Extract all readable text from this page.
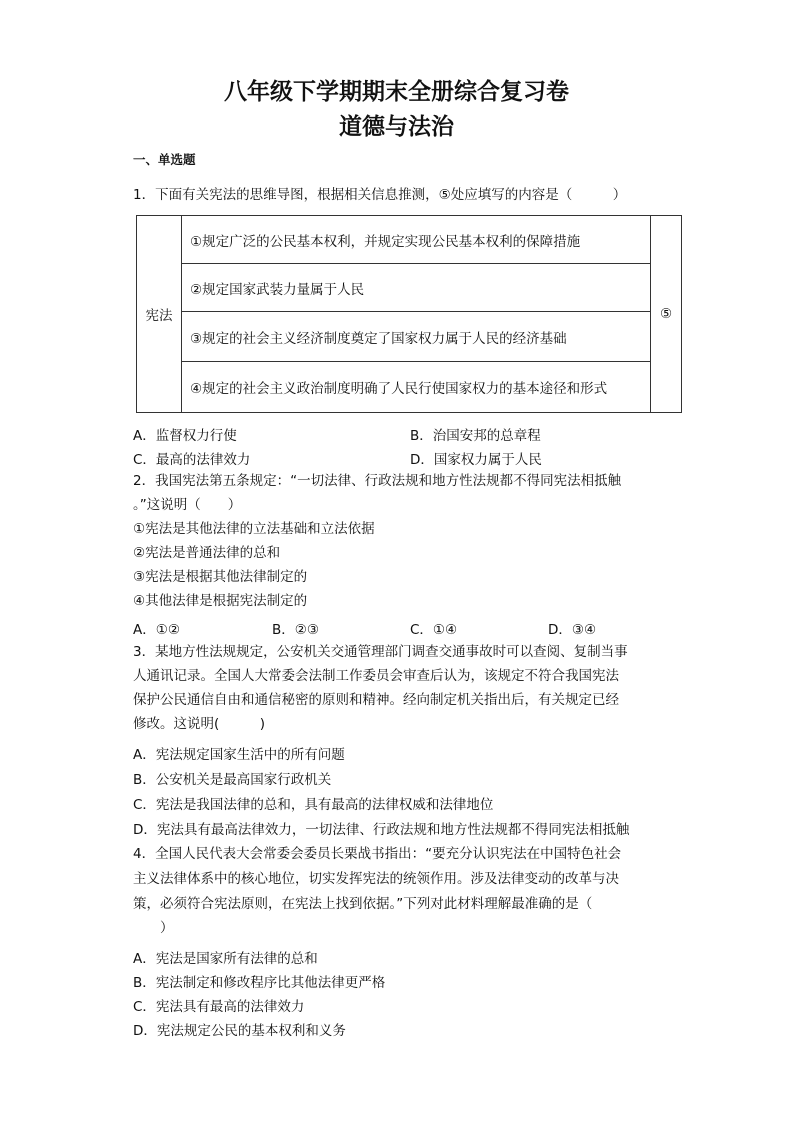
八年级下学期期末全册综合复习卷
道德与法治
一、单选题
1．下面有关宪法的思维导图，根据相关信息推测，⑤处应填写的内容是（　　　）
宪法	①规定广泛的公民基本权利，并规定实现公民基本权利的保障措施	⑤
②规定国家武装力量属于人民
③规定的社会主义经济制度奠定了国家权力属于人民的经济基础
④规定的社会主义政治制度明确了人民行使国家权力的基本途径和形式
A．监督权力行使	B．治国安邦的总章程
C．最高的法律效力	D．国家权力属于人民
2．我国宪法第五条规定：“一切法律、行政法规和地方性法规都不得同宪法相抵触
。”这说明（　　）
①宪法是其他法律的立法基础和立法依据
②宪法是普通法律的总和
③宪法是根据其他法律制定的
④其他法律是根据宪法制定的
A．①②	B．②③	C．①④	D．③④
3．某地方性法规规定，公安机关交通管理部门调查交通事故时可以查阅、复制当事
人通讯记录。全国人大常委会法制工作委员会审查后认为，该规定不符合我国宪法
保护公民通信自由和通信秘密的原则和精神。经向制定机关指出后，有关规定已经
修改。这说明(　　　)
A．宪法规定国家生活中的所有问题
B．公安机关是最高国家行政机关
C．宪法是我国法律的总和，具有最高的法律权威和法律地位
D．宪法具有最高法律效力，一切法律、行政法规和地方性法规都不得同宪法相抵触
4．全国人民代表大会常委会委员长栗战书指出：“要充分认识宪法在中国特色社会
主义法律体系中的核心地位，切实发挥宪法的统领作用。涉及法律变动的改革与决
策，必须符合宪法原则，在宪法上找到依据。”下列对此材料理解最准确的是（
　　）
A．宪法是国家所有法律的总和
B．宪法制定和修改程序比其他法律更严格
C．宪法具有最高的法律效力
D．宪法规定公民的基本权利和义务
